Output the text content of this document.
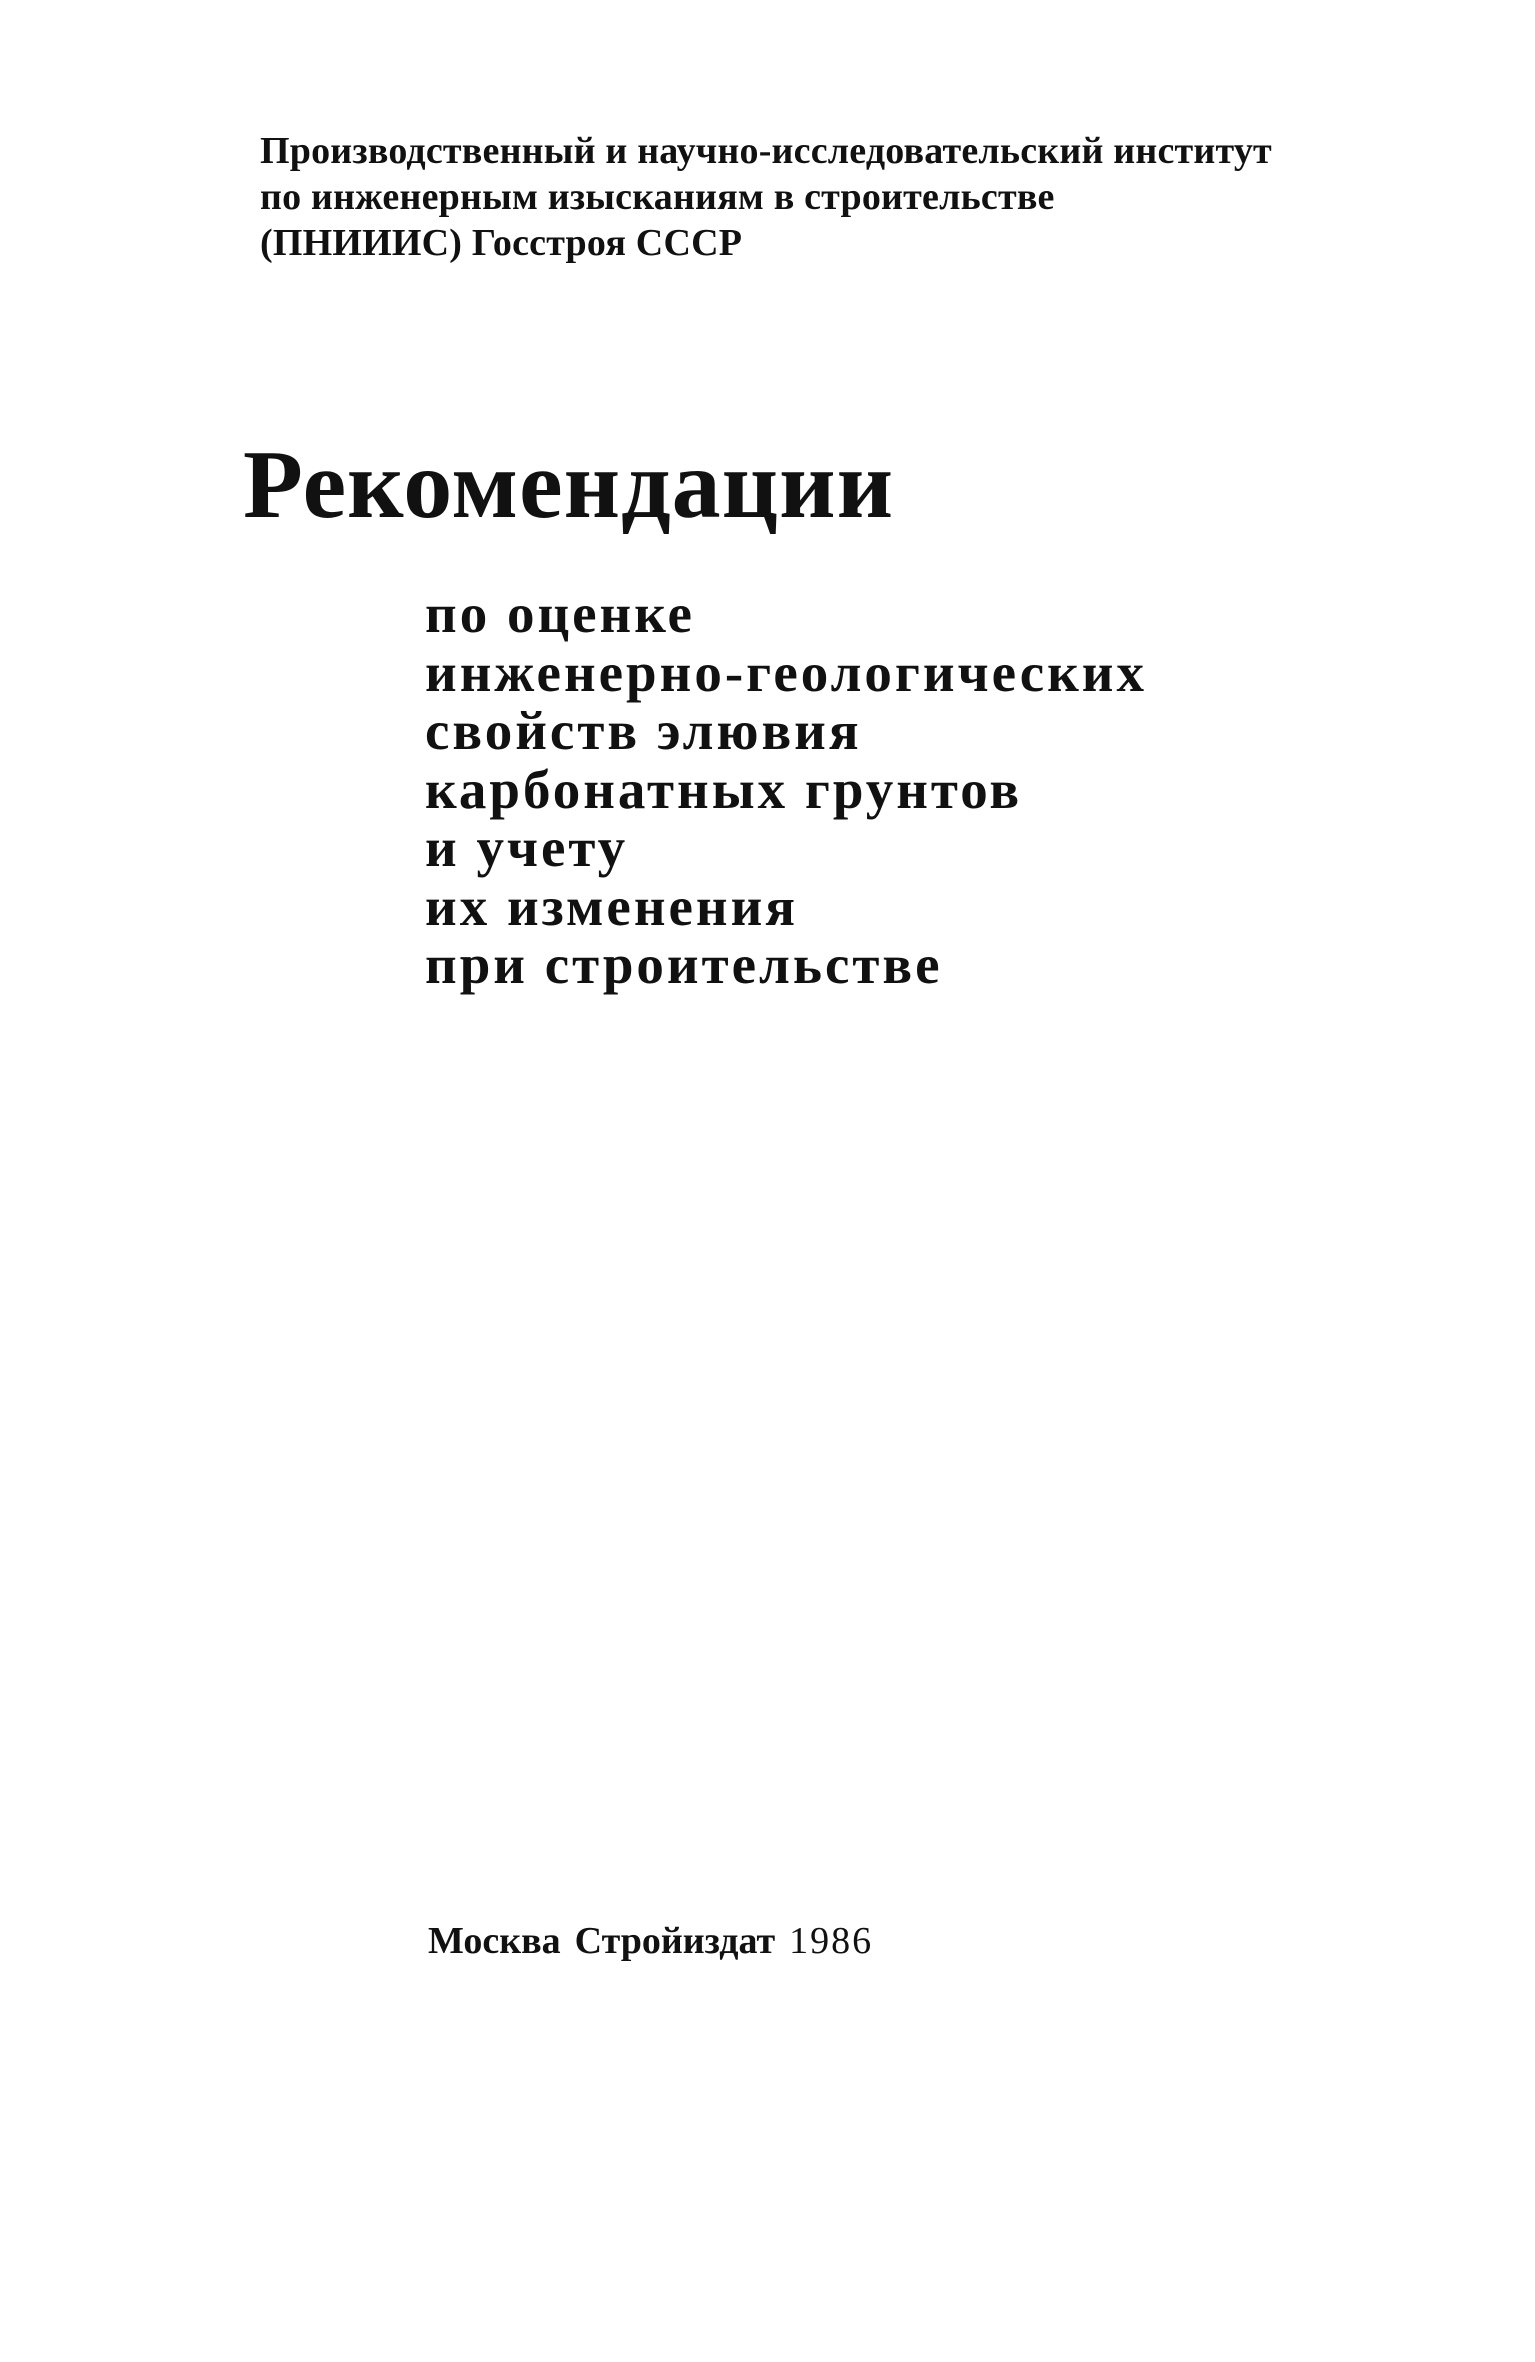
Производственный и научно-исследовательский институт
по инженерным изысканиям в строительстве
(ПНИИИС) Госстроя СССР
Рекомендации
по оценке
инженерно-геологических
свойств элювия
карбонатных грунтов
и учету
их изменения
при строительстве
Москва Стройиздат 1986
